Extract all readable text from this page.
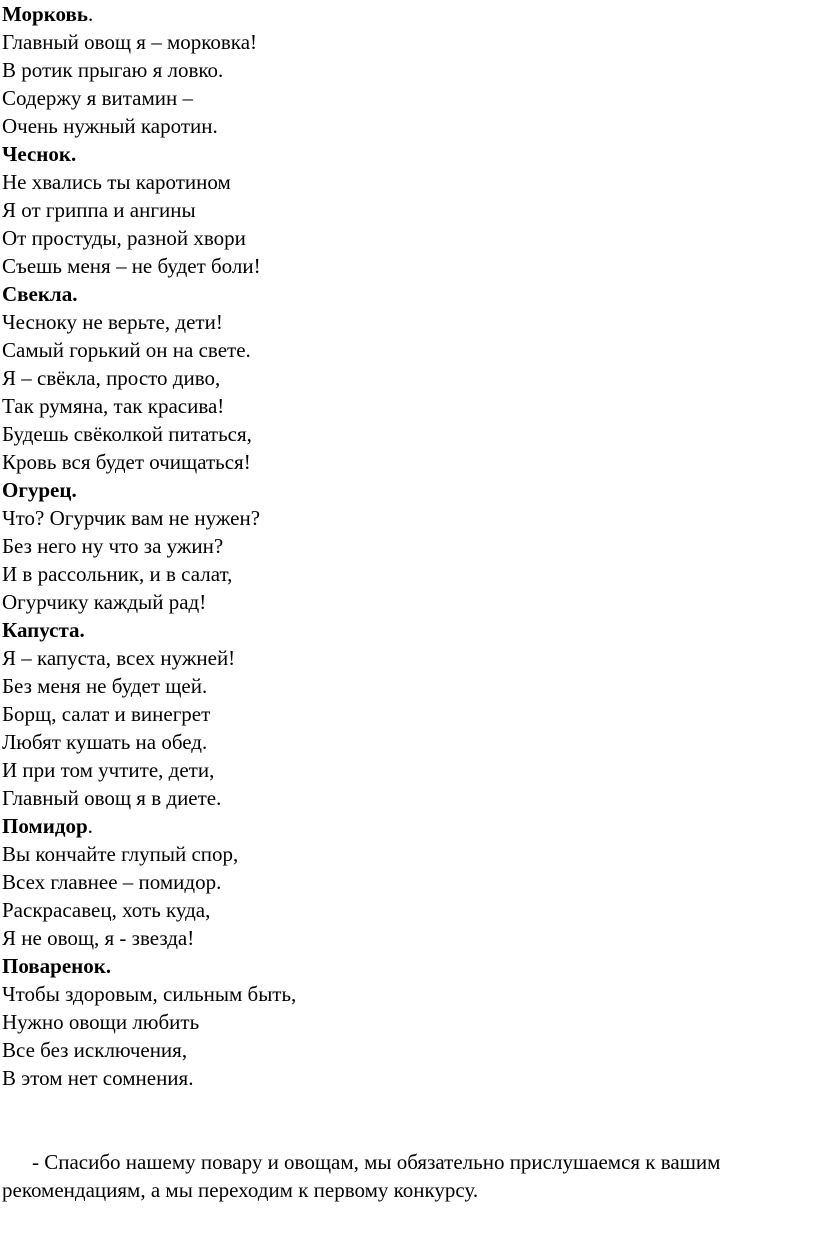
Морковь.
Главный овощ я – морковка!
В ротик прыгаю я ловко.
Содержу я витамин –
Очень нужный каротин.
Чеснок.
Не хвались ты каротином
Я от гриппа и ангины
От простуды, разной хвори
Съешь меня – не будет боли!
Свекла.
Чесноку не верьте, дети!
Самый горький он на свете.
Я – свёкла, просто диво,
Так румяна, так красива!
Будешь свёколкой питаться,
Кровь вся будет очищаться!
Огурец.
Что? Огурчик вам не нужен?
Без него ну что за ужин?
И в рассольник, и в салат,
Огурчику каждый рад!
Капуста.
Я – капуста, всех нужней!
Без меня не будет щей.
Борщ, салат и винегрет
Любят кушать на обед.
И при том учтите, дети,
Главный овощ я в диете.
Помидор.
Вы кончайте глупый спор,
Всех главнее – помидор.
Раскрасавец, хоть куда,
Я не овощ, я - звезда!
Поваренок.
Чтобы здоровым, сильным быть,
Нужно овощи любить
Все без исключения,
В этом нет сомнения.
- Спасибо нашему повару и овощам, мы обязательно прислушаемся к вашим рекомендациям, а мы переходим к первому конкурсу.
